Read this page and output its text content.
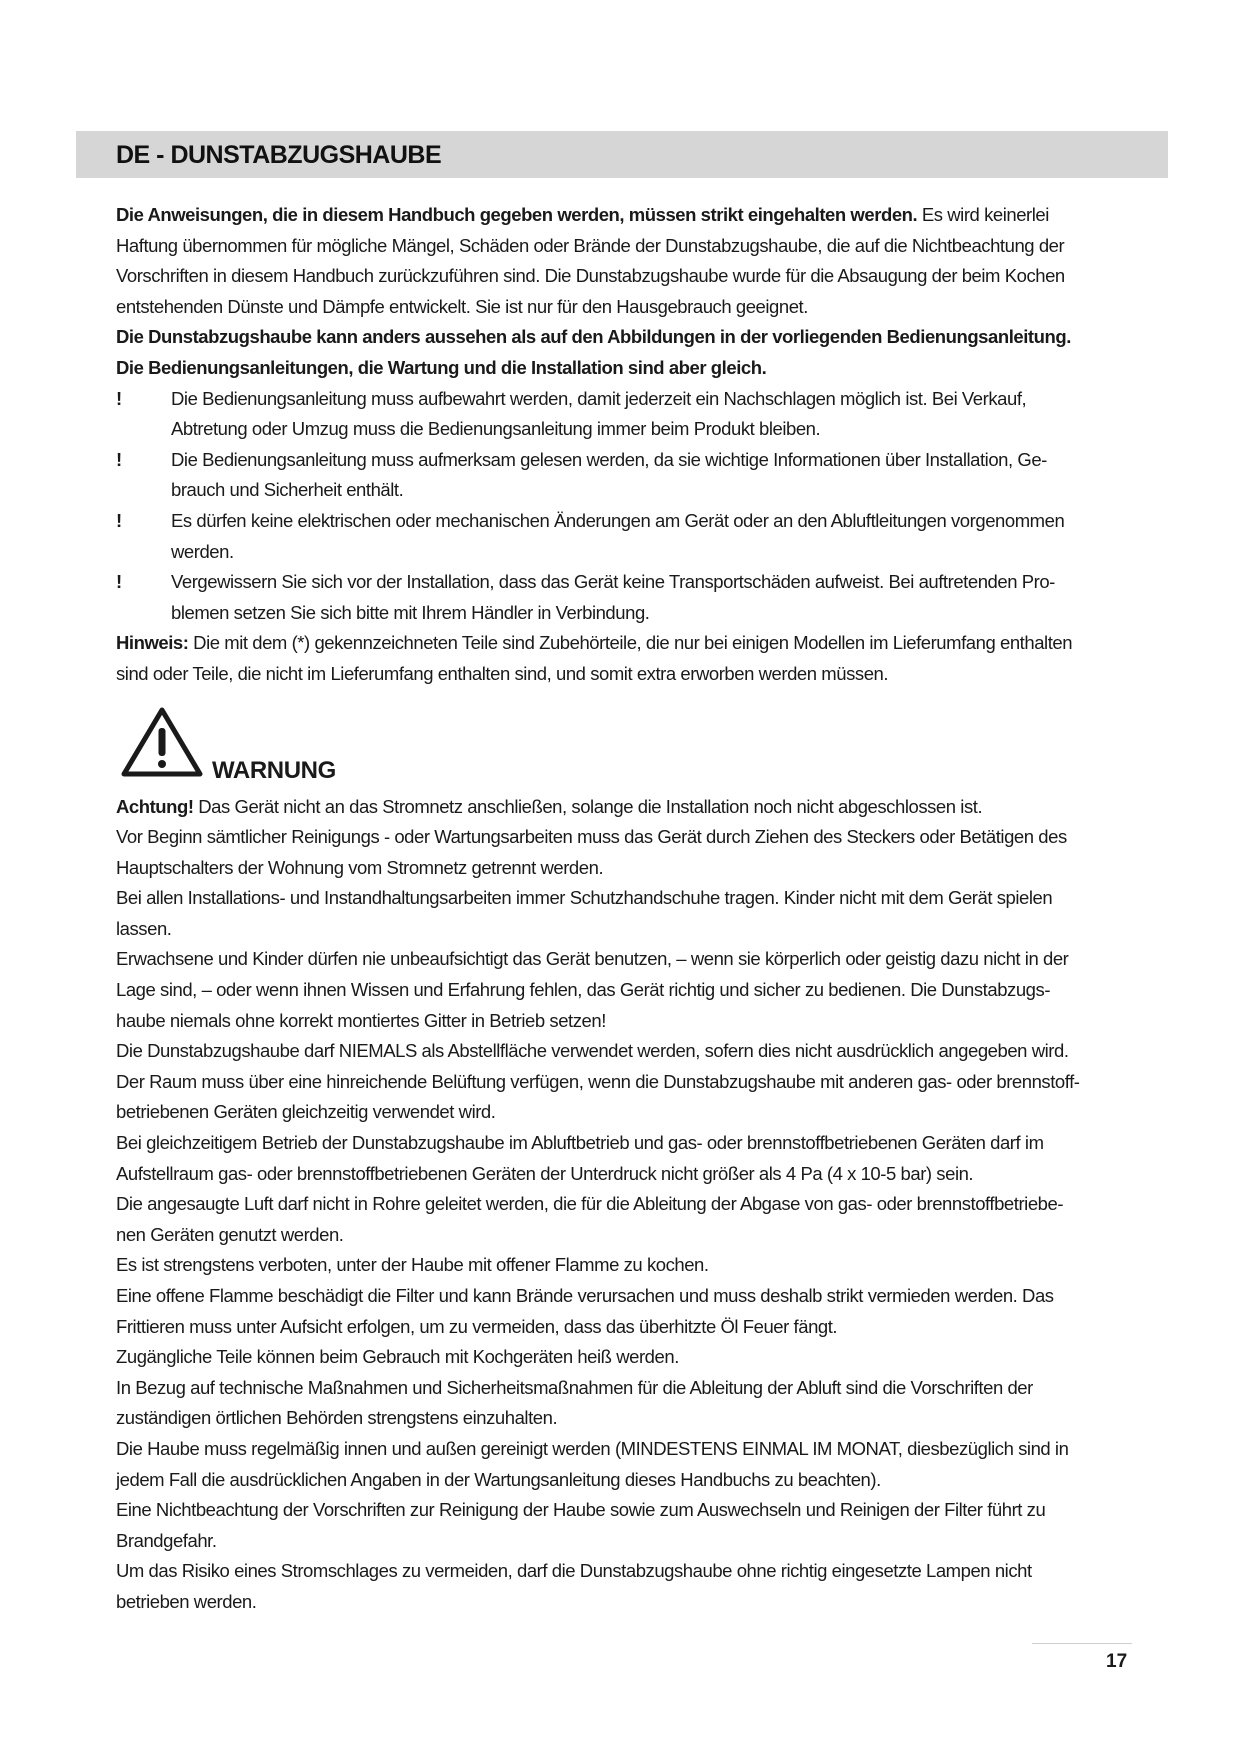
DE - DUNSTABZUGSHAUBE

Die Anweisungen, die in diesem Handbuch gegeben werden, müssen strikt eingehalten werden. Es wird keinerlei

Haftung übernommen für mögliche Mängel, Schäden oder Brände der Dunstabzugshaube, die auf die Nichtbeachtung der

Vorschriften in diesem Handbuch zurückzuführen sind. Die Dunstabzugshaube wurde für die Absaugung der beim Kochen

entstehenden Dünste und Dämpfe entwickelt. Sie ist nur für den Hausgebrauch geeignet.

Die Dunstabzugshaube kann anders aussehen als auf den Abbildungen in der vorliegenden Bedienungsanleitung.

Die Bedienungsanleitungen, die Wartung und die Installation sind aber gleich.

!	Die Bedienungsanleitung muss aufbewahrt werden, damit jederzeit ein Nachschlagen möglich ist. Bei Verkauf,

Abtretung oder Umzug muss die Bedienungsanleitung immer beim Produkt bleiben.

!	Die Bedienungsanleitung muss aufmerksam gelesen werden, da sie wichtige Informationen über Installation, Ge-

brauch und Sicherheit enthält.

!	Es dürfen keine elektrischen oder mechanischen Änderungen am Gerät oder an den Abluftleitungen vorgenommen

werden.

!	Vergewissern Sie sich vor der Installation, dass das Gerät keine Transportschäden aufweist. Bei auftretenden Pro-

blemen setzen Sie sich bitte mit Ihrem Händler in Verbindung.

Hinweis: Die mit dem (*) gekennzeichneten Teile sind Zubehörteile, die nur bei einigen Modellen im Lieferumfang enthalten

sind oder Teile, die nicht im Lieferumfang enthalten sind, und somit extra erworben werden müssen.

WARNUNG

Achtung! Das Gerät nicht an das Stromnetz anschließen, solange die Installation noch nicht abgeschlossen ist.

Vor Beginn sämtlicher Reinigungs - oder Wartungsarbeiten muss das Gerät durch Ziehen des Steckers oder Betätigen des

Hauptschalters der Wohnung vom Stromnetz getrennt werden.

Bei allen Installations- und Instandhaltungsarbeiten immer Schutzhandschuhe tragen. Kinder nicht mit dem Gerät spielen

lassen.

Erwachsene und Kinder dürfen nie unbeaufsichtigt das Gerät benutzen, – wenn sie körperlich oder geistig dazu nicht in der

Lage sind, – oder wenn ihnen Wissen und Erfahrung fehlen, das Gerät richtig und sicher zu bedienen. Die Dunstabzugs-

haube niemals ohne korrekt montiertes Gitter in Betrieb setzen!

Die Dunstabzugshaube darf NIEMALS als Abstellfläche verwendet werden, sofern dies nicht ausdrücklich angegeben wird.

Der Raum muss über eine hinreichende Belüftung verfügen, wenn die Dunstabzugshaube mit anderen gas- oder brennstoff-

betriebenen Geräten gleichzeitig verwendet wird.

Bei gleichzeitigem Betrieb der Dunstabzugshaube im Abluftbetrieb und gas- oder brennstoffbetriebenen Geräten darf im

Aufstellraum gas- oder brennstoffbetriebenen Geräten der Unterdruck nicht größer als 4 Pa (4 x 10-5 bar) sein.

Die angesaugte Luft darf nicht in Rohre geleitet werden, die für die Ableitung der Abgase von gas- oder brennstoffbetriebe-

nen Geräten genutzt werden.

Es ist strengstens verboten, unter der Haube mit offener Flamme zu kochen.

Eine offene Flamme beschädigt die Filter und kann Brände verursachen und muss deshalb strikt vermieden werden. Das

Frittieren muss unter Aufsicht erfolgen, um zu vermeiden, dass das überhitzte Öl Feuer fängt.

Zugängliche Teile können beim Gebrauch mit Kochgeräten heiß werden.

In Bezug auf technische Maßnahmen und Sicherheitsmaßnahmen für die Ableitung der Abluft sind die Vorschriften der

zuständigen örtlichen Behörden strengstens einzuhalten.

Die Haube muss regelmäßig innen und außen gereinigt werden (MINDESTENS EINMAL IM MONAT, diesbezüglich sind in

jedem Fall die ausdrücklichen Angaben in der Wartungsanleitung dieses Handbuchs zu beachten).

Eine Nichtbeachtung der Vorschriften zur Reinigung der Haube sowie zum Auswechseln und Reinigen der Filter führt zu

Brandgefahr.

Um das Risiko eines Stromschlages zu vermeiden, darf die Dunstabzugshaube ohne richtig eingesetzte Lampen nicht

betrieben werden.

17
